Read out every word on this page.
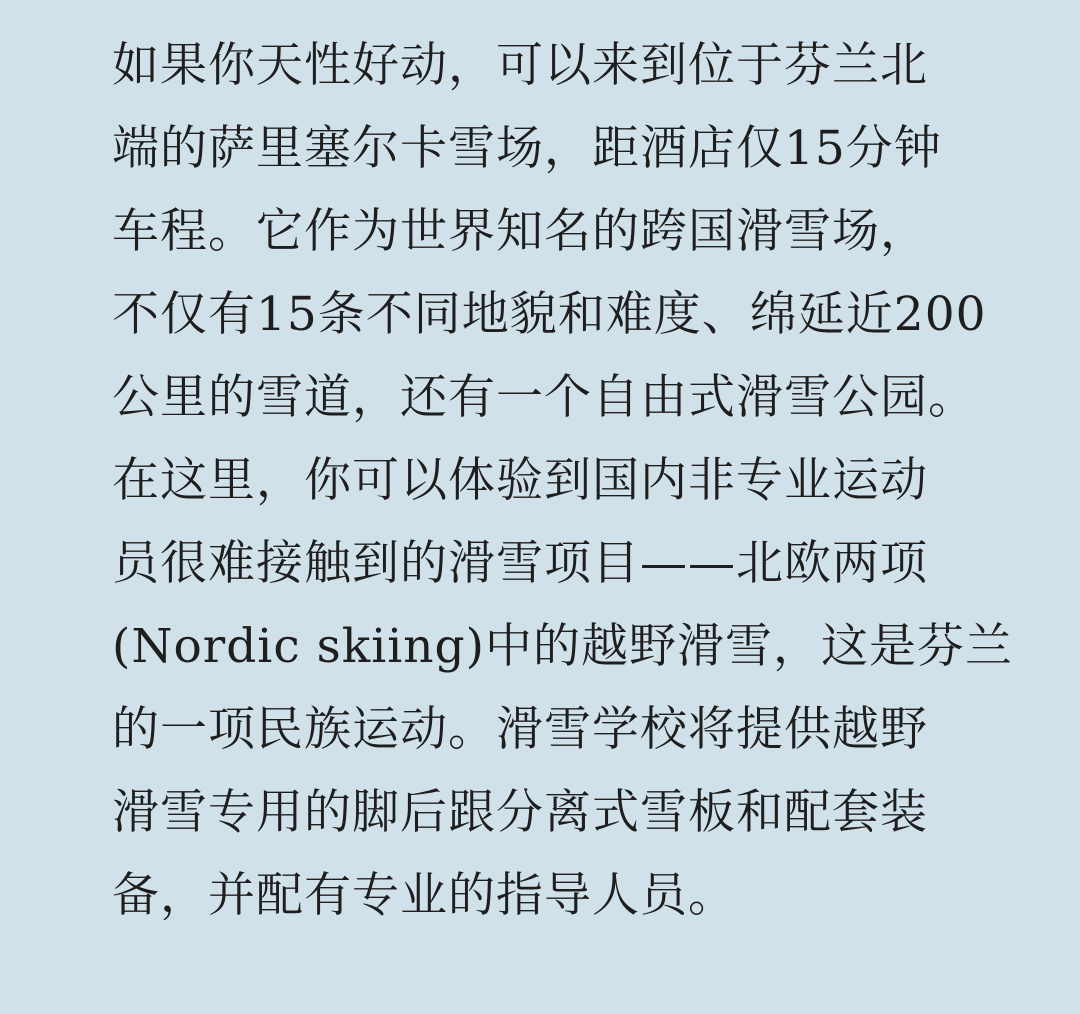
如果你天性好动，可以来到位于芬兰北
端的萨里塞尔卡雪场，距酒店仅15分钟
车程。它作为世界知名的跨国滑雪场，
不仅有15条不同地貌和难度、绵延近200
公里的雪道，还有一个自由式滑雪公园。
在这里，你可以体验到国内非专业运动
员很难接触到的滑雪项目——北欧两项
(Nordic skiing)中的越野滑雪，这是芬兰
的一项民族运动。滑雪学校将提供越野
滑雪专用的脚后跟分离式雪板和配套装
备，并配有专业的指导人员。
